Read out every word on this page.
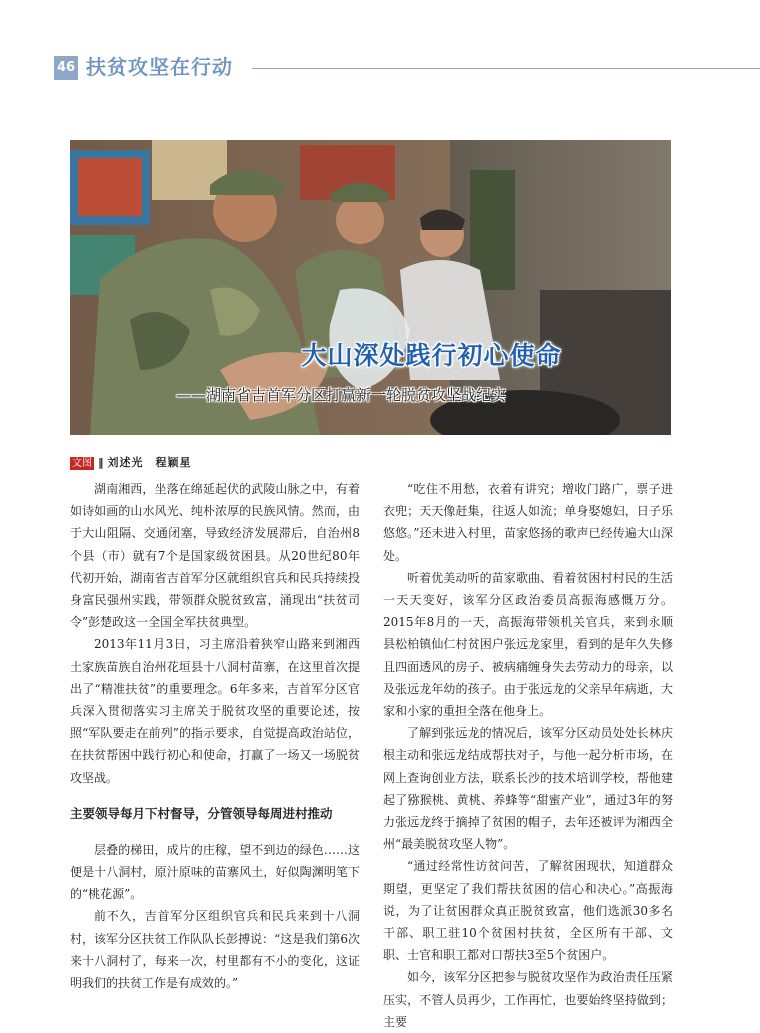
46 扶贫攻坚在行动
大山深处践行初心使命
——湖南省吉首军分区打赢新一轮脱贫攻坚战纪实
文图 ‖ 刘述光　程颖星

湖南湘西，坐落在绵延起伏的武陵山脉之中，有着如诗如画的山水风光、纯朴浓厚的民族风情。然而，由于大山阻隔、交通闭塞，导致经济发展滞后，自治州8个县（市）就有7个是国家级贫困县。从20世纪80年代初开始，湖南省吉首军分区就组织官兵和民兵持续投身富民强州实践，带领群众脱贫致富，涌现出“扶贫司令”彭楚政这一全国全军扶贫典型。

2013年11月3日，习主席沿着狭窄山路来到湘西土家族苗族自治州花垣县十八洞村苗寨，在这里首次提出了“精准扶贫”的重要理念。6年多来，吉首军分区官兵深入贯彻落实习主席关于脱贫攻坚的重要论述，按照“军队要走在前列”的指示要求，自觉提高政治站位，在扶贫帮困中践行初心和使命，打赢了一场又一场脱贫攻坚战。

主要领导每月下村督导，分管领导每周进村推动

层叠的梯田，成片的庄稼，望不到边的绿色……这便是十八洞村，原汁原味的苗寨风土，好似陶渊明笔下的“桃花源”。

前不久，吉首军分区组织官兵和民兵来到十八洞村，该军分区扶贫工作队队长彭搏说：“这是我们第6次来十八洞村了，每来一次，村里都有不小的变化，这证明我们的扶贫工作是有成效的。”

“吃住不用愁，衣着有讲究；增收门路广，票子进衣兜；天天像赶集，往返人如流；单身娶媳妇，日子乐悠悠。”还未进入村里，苗家悠扬的歌声已经传遍大山深处。

听着优美动听的苗家歌曲、看着贫困村村民的生活一天天变好，该军分区政治委员高振海感慨万分。2015年8月的一天，高振海带领机关官兵，来到永顺县松柏镇仙仁村贫困户张远龙家里，看到的是年久失修且四面透风的房子、被病痛缠身失去劳动力的母亲，以及张远龙年幼的孩子。由于张远龙的父亲早年病逝，大家和小家的重担全落在他身上。

了解到张远龙的情况后，该军分区动员处处长林庆根主动和张远龙结成帮扶对子，与他一起分析市场，在网上查询创业方法，联系长沙的技术培训学校，帮他建起了猕猴桃、黄桃、养蜂等“甜蜜产业”，通过3年的努力张远龙终于摘掉了贫困的帽子，去年还被评为湘西全州“最美脱贫攻坚人物”。

“通过经常性访贫问苦，了解贫困现状，知道群众期望，更坚定了我们帮扶贫困的信心和决心。”高振海说，为了让贫困群众真正脱贫致富，他们选派30多名干部、职工驻10个贫困村扶贫，全区所有干部、文职、士官和职工都对口帮扶3至5个贫困户。

如今，该军分区把参与脱贫攻坚作为政治责任压紧压实，不管人员再少，工作再忙，也要始终坚持做到；主要
